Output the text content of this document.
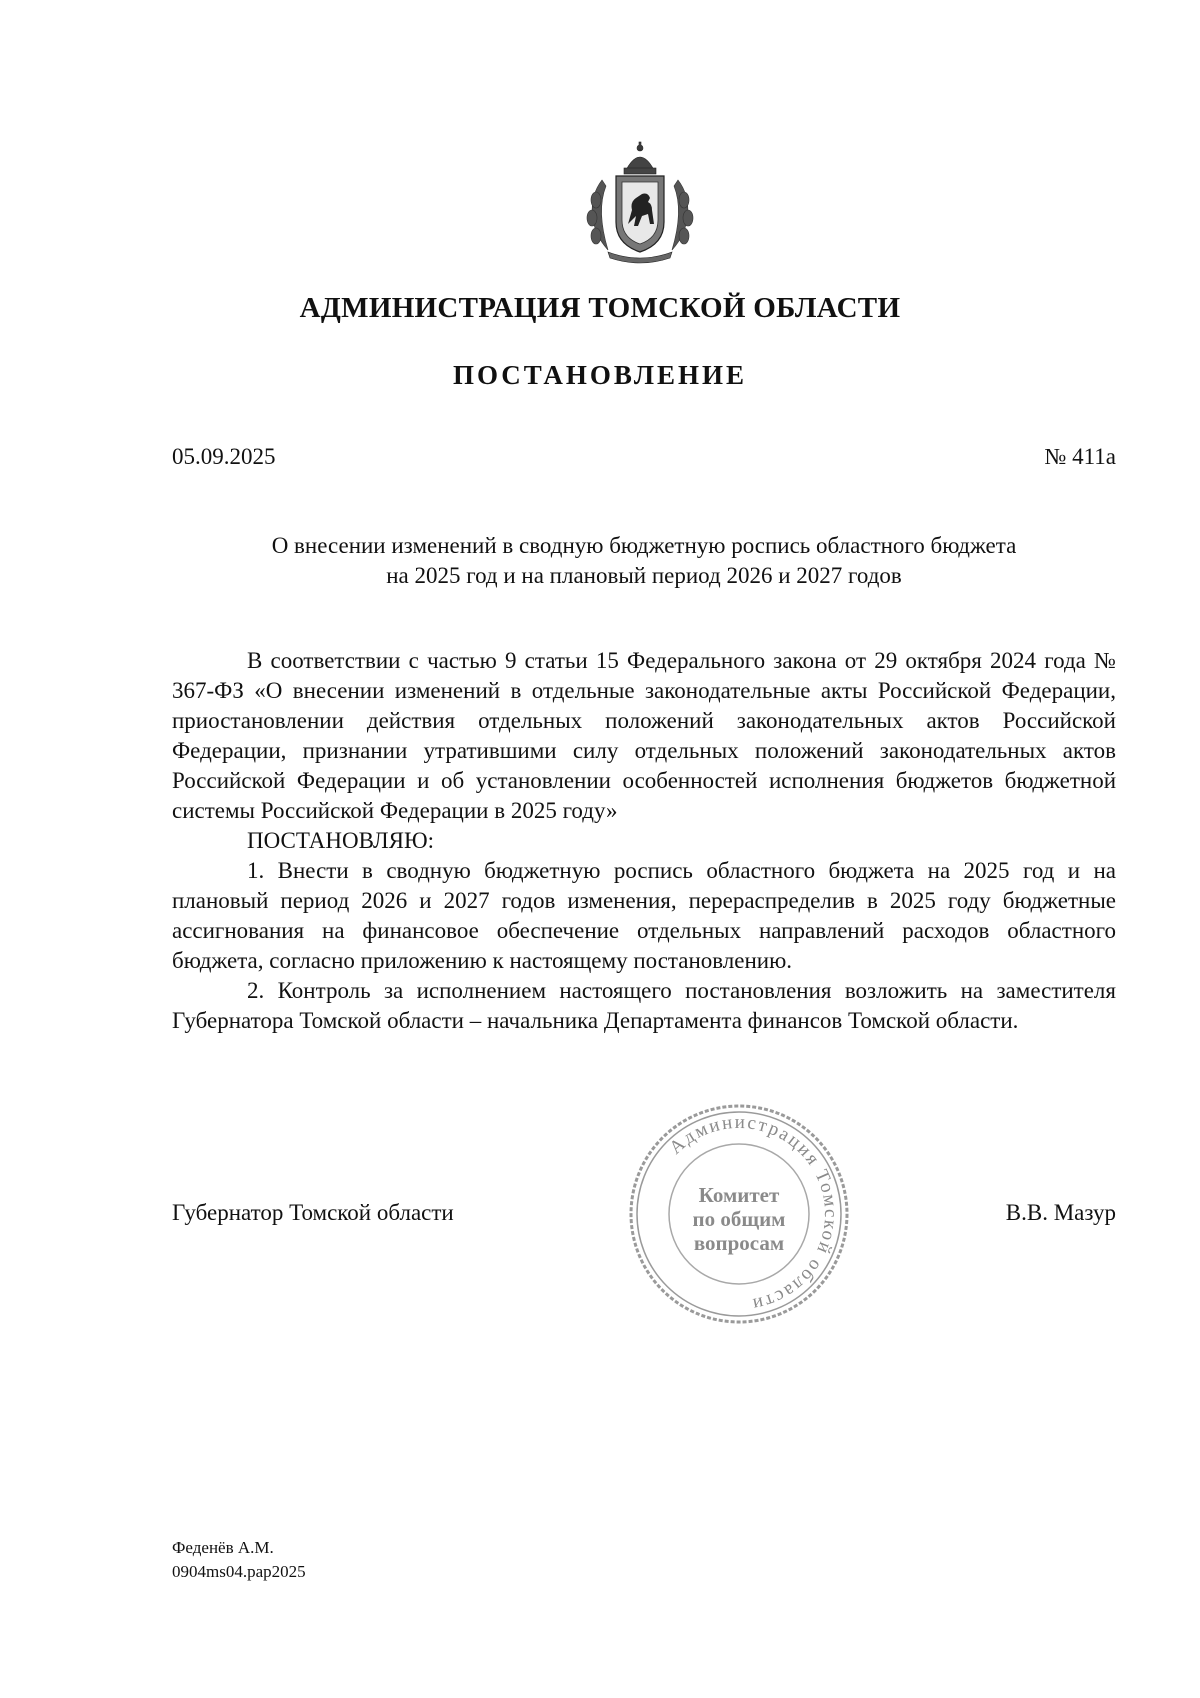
АДМИНИСТРАЦИЯ ТОМСКОЙ ОБЛАСТИ
ПОСТАНОВЛЕНИЕ
05.09.2025	№ 411а
О внесении изменений в сводную бюджетную роспись областного бюджета
на 2025 год и на плановый период 2026 и 2027 годов

В соответствии с частью 9 статьи 15 Федерального закона от 29 октября 2024 года № 367-ФЗ «О внесении изменений в отдельные законодательные акты Российской Федерации, приостановлении действия отдельных положений законодательных актов Российской Федерации, признании утратившими силу отдельных положений законодательных актов Российской Федерации и об установлении особенностей исполнения бюджетов бюджетной системы Российской Федерации в 2025 году»

ПОСТАНОВЛЯЮ:

1. Внести в сводную бюджетную роспись областного бюджета на 2025 год и на плановый период 2026 и 2027 годов изменения, перераспределив в 2025 году бюджетные ассигнования на финансовое обеспечение отдельных направлений расходов областного бюджета, согласно приложению к настоящему постановлению.

2. Контроль за исполнением настоящего постановления возложить на заместителя Губернатора Томской области – начальника Департамента финансов Томской области.

Губернатор Томской области
Администрация Томской области
Комитет
по общим
вопросам
В.В. Мазур
Феденёв А.М.
0904ms04.pap2025
